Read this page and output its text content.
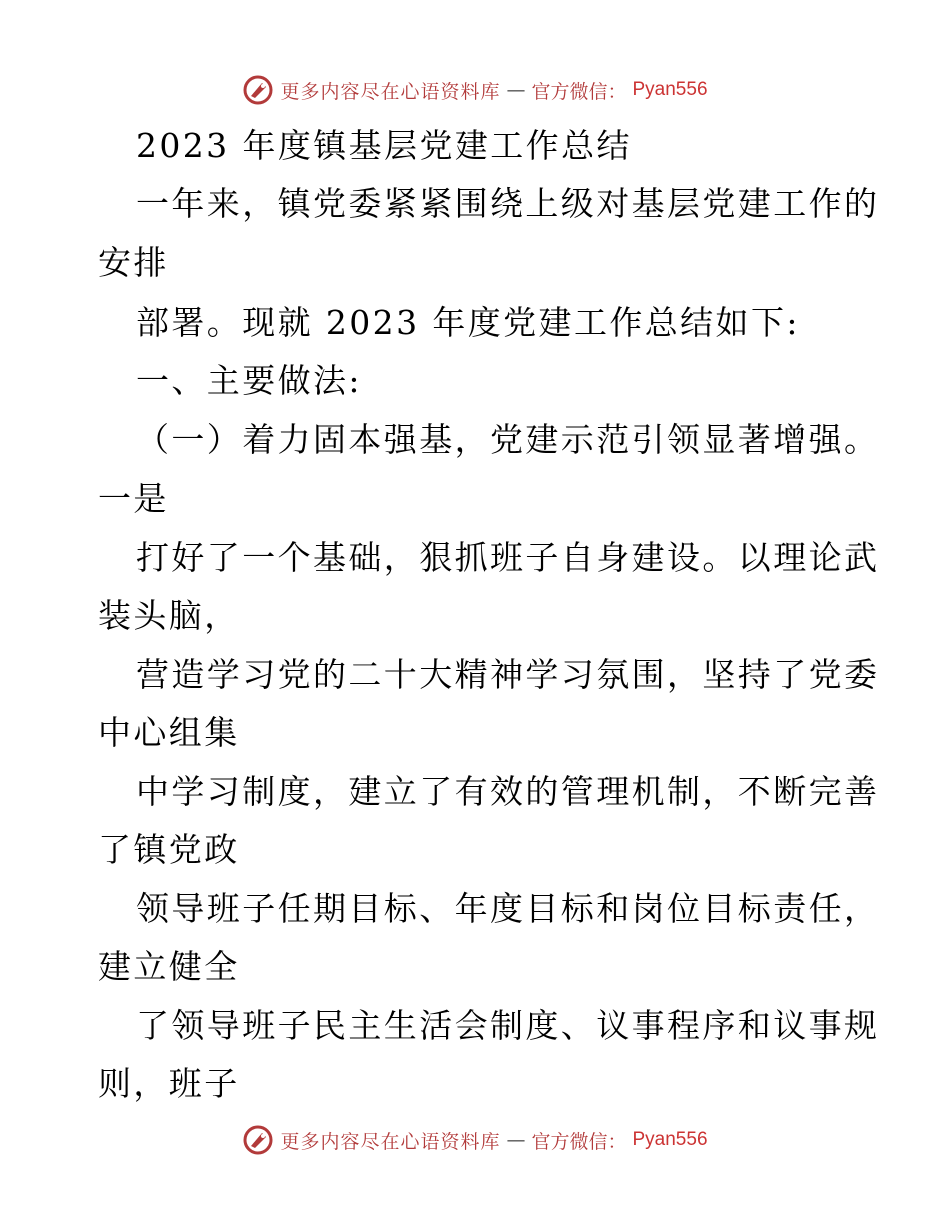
更多内容尽在心语资料库 — 官方微信： Pyan556
2023 年度镇基层党建工作总结
一年来，镇党委紧紧围绕上级对基层党建工作的
安排
部署。现就 2023 年度党建工作总结如下:
一、主要做法:
（一）着力固本强基，党建示范引领显著增强。
一是
打好了一个基础，狠抓班子自身建设。以理论武
装头脑，
营造学习党的二十大精神学习氛围，坚持了党委
中心组集
中学习制度，建立了有效的管理机制，不断完善
了镇党政
领导班子任期目标、年度目标和岗位目标责任，
建立健全
了领导班子民主生活会制度、议事程序和议事规
则，班子
更多内容尽在心语资料库 — 官方微信： Pyan556
